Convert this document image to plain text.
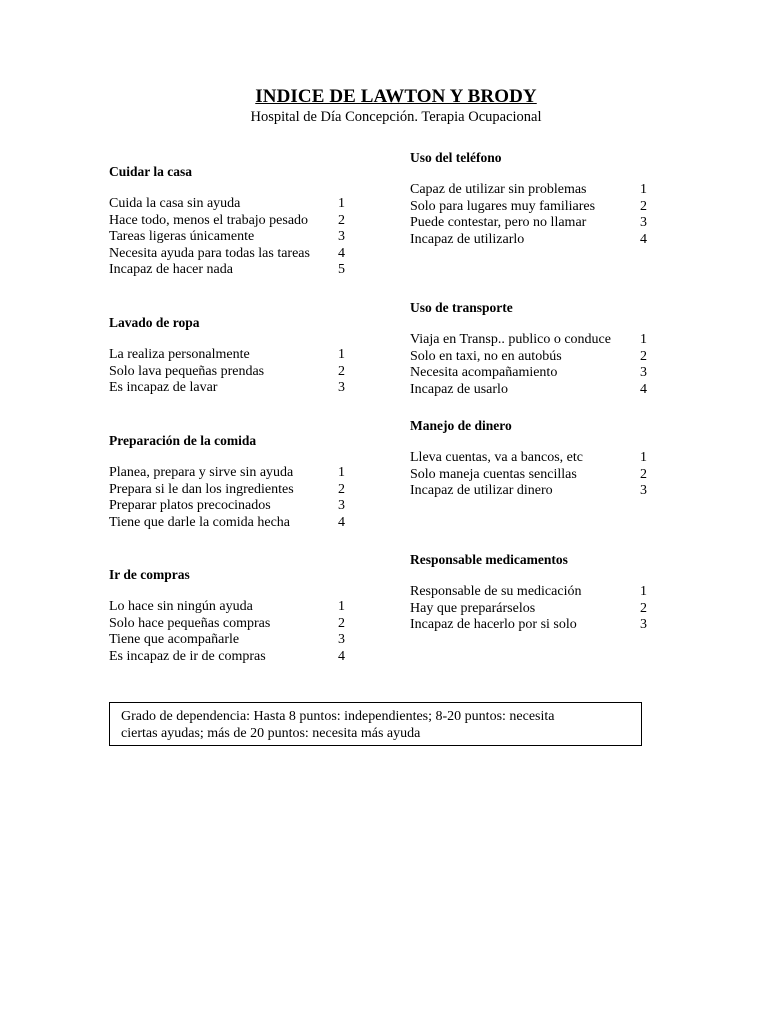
INDICE DE LAWTON Y BRODY
Hospital de Día Concepción. Terapia Ocupacional
Cuidar la casa
Cuida la casa sin ayuda	1
Hace todo, menos el trabajo pesado 2
Tareas ligeras únicamente	3
Necesita ayuda para todas las tareas 4
Incapaz de hacer nada	5
Lavado de ropa
La realiza personalmente	1
Solo lava pequeñas prendas	2
Es incapaz de lavar	3
Preparación de la comida
Planea, prepara y sirve sin ayuda	1
Prepara si le dan los ingredientes	2
Preparar platos precocinados	3
Tiene que darle la comida hecha	4
Ir de compras
Lo hace sin ningún ayuda	1
Solo hace pequeñas compras	2
Tiene que acompañarle	3
Es incapaz de ir de compras	4
Uso del teléfono
Capaz de utilizar sin problemas	1
Solo para lugares muy familiares	2
Puede contestar, pero no llamar	3
Incapaz de utilizarlo	4
Uso de transporte
Viaja en Transp.. publico o conduce 1
Solo en taxi, no en autobús	2
Necesita acompañamiento	3
Incapaz de usarlo	4
Manejo de dinero
Lleva cuentas, va a bancos, etc	1
Solo maneja cuentas sencillas	2
Incapaz de utilizar dinero	3
Responsable medicamentos
Responsable de su medicación	1
Hay que preparárselos	2
Incapaz de hacerlo por si solo	3
Grado de dependencia: Hasta 8 puntos: independientes; 8-20 puntos: necesita
ciertas ayudas; más de 20 puntos: necesita más ayuda
